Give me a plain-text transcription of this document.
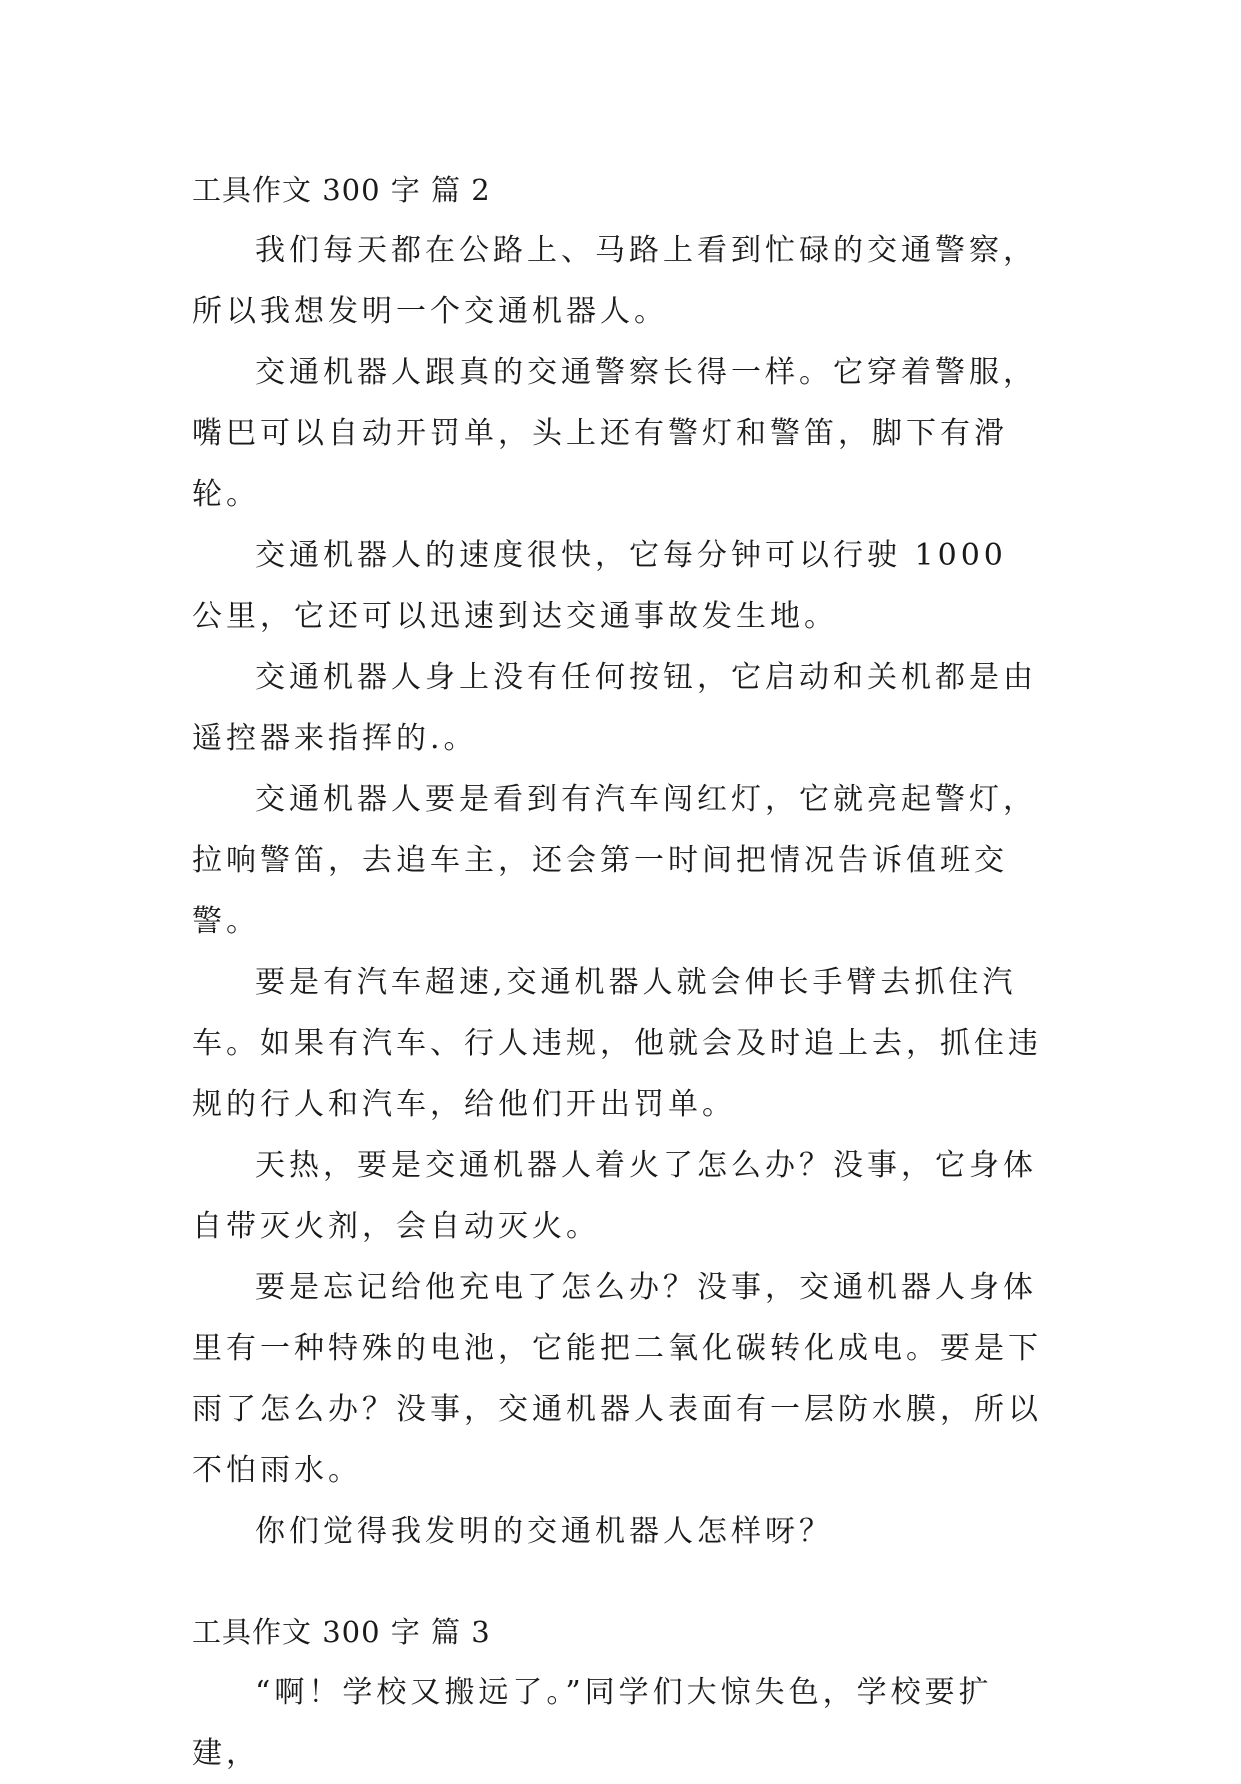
工具作文 300 字 篇 2

我们每天都在公路上、马路上看到忙碌的交通警察，所以我想发明一个交通机器人。

交通机器人跟真的交通警察长得一样。它穿着警服，嘴巴可以自动开罚单，头上还有警灯和警笛，脚下有滑轮。

交通机器人的速度很快，它每分钟可以行驶 1000 公里，它还可以迅速到达交通事故发生地。

交通机器人身上没有任何按钮，它启动和关机都是由遥控器来指挥的.。

交通机器人要是看到有汽车闯红灯，它就亮起警灯，拉响警笛，去追车主，还会第一时间把情况告诉值班交警。

要是有汽车超速,交通机器人就会伸长手臂去抓住汽车。如果有汽车、行人违规，他就会及时追上去，抓住违规的行人和汽车，给他们开出罚单。

天热，要是交通机器人着火了怎么办？没事，它身体自带灭火剂，会自动灭火。

要是忘记给他充电了怎么办？没事，交通机器人身体里有一种特殊的电池，它能把二氧化碳转化成电。要是下雨了怎么办？没事，交通机器人表面有一层防水膜，所以不怕雨水。

你们觉得我发明的交通机器人怎样呀？

工具作文 300 字 篇 3

“啊！学校又搬远了。”同学们大惊失色，学校要扩建，
